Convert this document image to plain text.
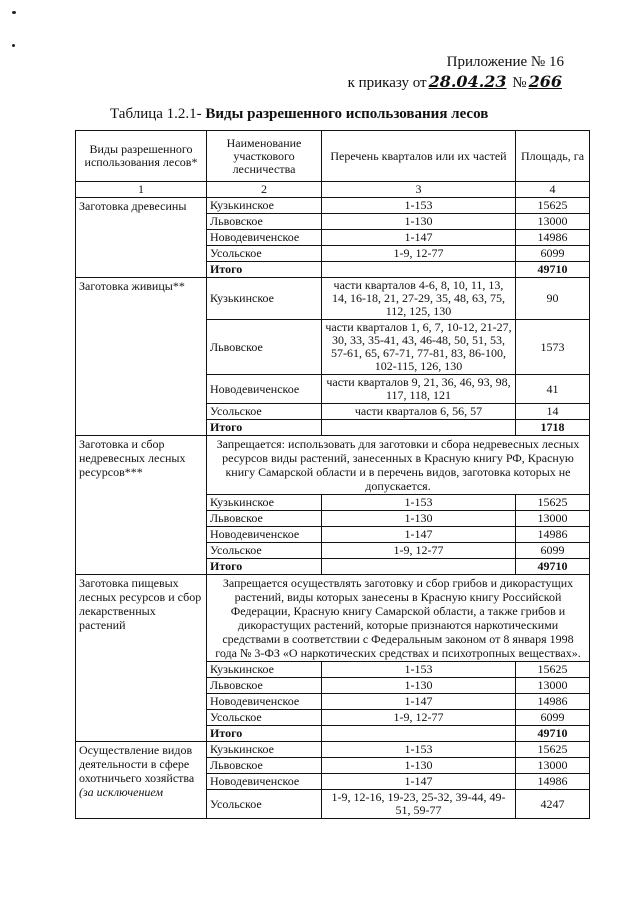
Приложение № 16
к приказу от 28.04.23 № 266
Таблица 1.2.1- Виды разрешенного использования лесов
Виды разрешенного использования лесов*	Наименование участкового лесничества	Перечень кварталов или их частей	Площадь, га
1	2	3	4
Заготовка древесины	Кузькинское	1-153	15625
	Львовское	1-130	13000
	Новодевиченское	1-147	14986
	Усольское	1-9, 12-77	6099
	Итого		49710
Заготовка живицы**	Кузькинское	части кварталов 4-6, 8, 10, 11, 13, 14, 16-18, 21, 27-29, 35, 48, 63, 75, 112, 125, 130	90
	Львовское	части кварталов 1, 6, 7, 10-12, 21-27, 30, 33, 35-41, 43, 46-48, 50, 51, 53, 57-61, 65, 67-71, 77-81, 83, 86-100, 102-115, 126, 130	1573
	Новодевиченское	части кварталов 9, 21, 36, 46, 93, 98, 117, 118, 121	41
	Усольское	части кварталов 6, 56, 57	14
	Итого		1718
Заготовка и сбор недревесных лесных ресурсов***	Запрещается: использовать для заготовки и сбора недревесных лесных ресурсов виды растений, занесенных в Красную книгу РФ, Красную книгу Самарской области и в перечень видов, заготовка которых не допускается.		
	Кузькинское	1-153	15625
	Львовское	1-130	13000
	Новодевиченское	1-147	14986
	Усольское	1-9, 12-77	6099
	Итого		49710
Заготовка пищевых лесных ресурсов и сбор лекарственных растений	Запрещается осуществлять заготовку и сбор грибов и дикорастущих растений, виды которых занесены в Красную книгу Российской Федерации, Красную книгу Самарской области, а также грибов и дикорастущих растений, которые признаются наркотическими средствами в соответствии с Федеральным законом от 8 января 1998 года № 3-ФЗ «О наркотических средствах и психотропных веществах».		
	Кузькинское	1-153	15625
	Львовское	1-130	13000
	Новодевиченское	1-147	14986
	Усольское	1-9, 12-77	6099
	Итого		49710
Осуществление видов деятельности в сфере охотничьего хозяйства
(за исключением	Кузькинское	1-153	15625
	Львовское	1-130	13000
	Новодевиченское	1-147	14986
	Усольское	1-9, 12-16, 19-23, 25-32, 39-44, 49-51, 59-77	4247
